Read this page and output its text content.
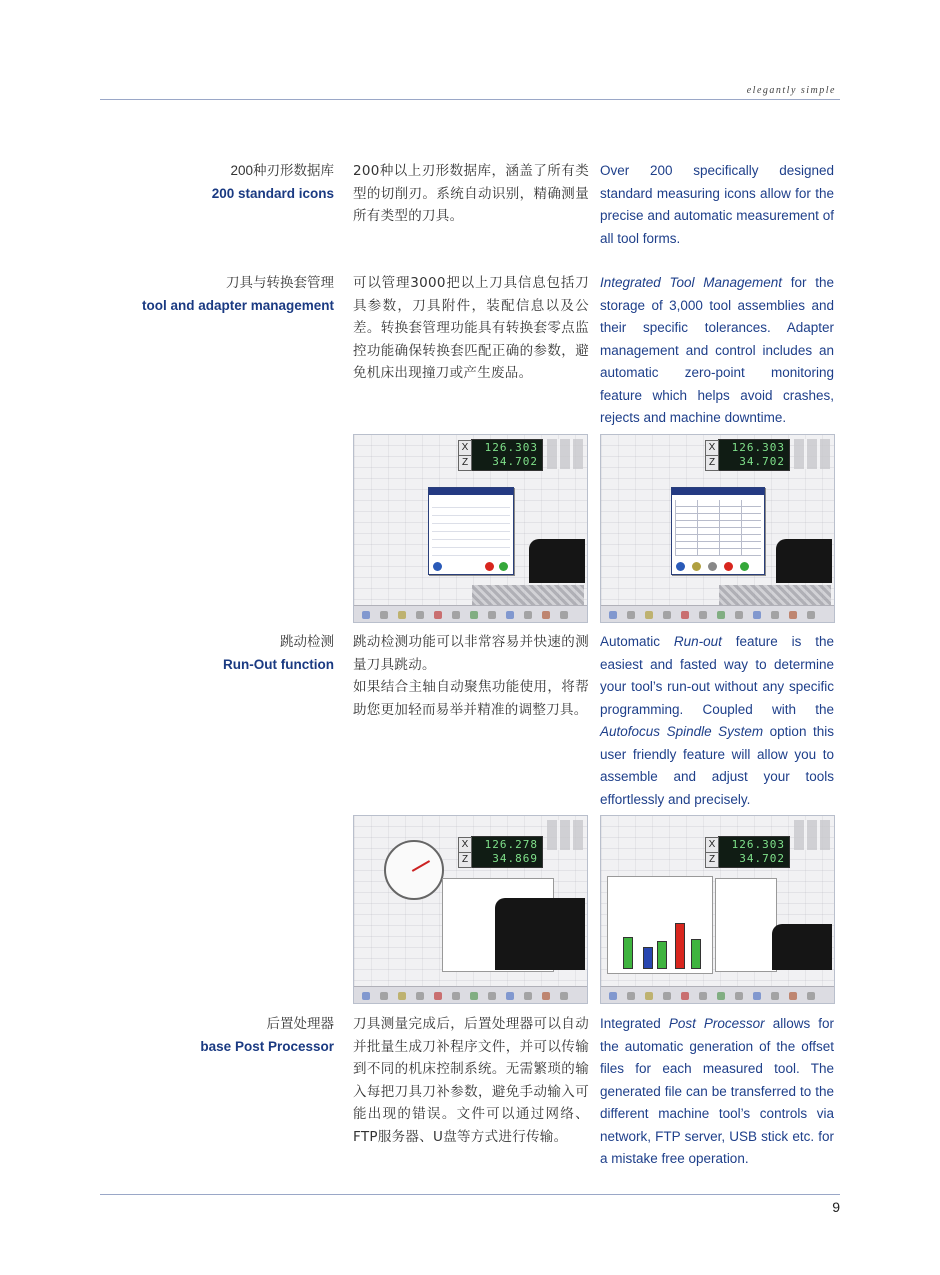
elegantly simple
200种刃形数据库
200 standard icons
200种以上刃形数据库，涵盖了所有类型的切削刃。系统自动识别，精确测量所有类型的刀具。
Over 200 specifically designed standard measuring icons allow for the precise and automatic measurement of all tool forms.
刀具与转换套管理
tool and adapter management
可以管理3000把以上刀具信息包括刀具参数，刀具附件，装配信息以及公差。转换套管理功能具有转换套零点监控功能确保转换套匹配正确的参数，避免机床出现撞刀或产生废品。
Integrated Tool Management for the storage of 3,000 tool assemblies and their specific tolerances. Adapter management and control includes an automatic zero-point monitoring feature which helps avoid crashes, rejects and machine downtime.
X
Z
126.303
34.702
X
Z
126.303
34.702
跳动检测
Run-Out function
跳动检测功能可以非常容易并快速的测量刀具跳动。
如果结合主轴自动聚焦功能使用，将帮助您更加轻而易举并精准的调整刀具。
Automatic Run-out feature is the easiest and fasted way to determine your tool’s run-out without any specific programming. Coupled with the Autofocus Spindle System option this user friendly feature will allow you to assemble and adjust your tools effortlessly and precisely.
X
Z
126.278
34.869
X
Z
126.303
34.702
后置处理器
base Post Processor
刀具测量完成后，后置处理器可以自动并批量生成刀补程序文件，并可以传输到不同的机床控制系统。无需繁琐的输入每把刀具刀补参数，避免手动输入可能出现的错误。文件可以通过网络、FTP服务器、U盘等方式进行传输。
Integrated Post Processor allows for the automatic generation of the offset files for each measured tool. The generated file can be transferred to the different machine tool’s controls via network, FTP server, USB stick etc. for a mistake free operation.
9
